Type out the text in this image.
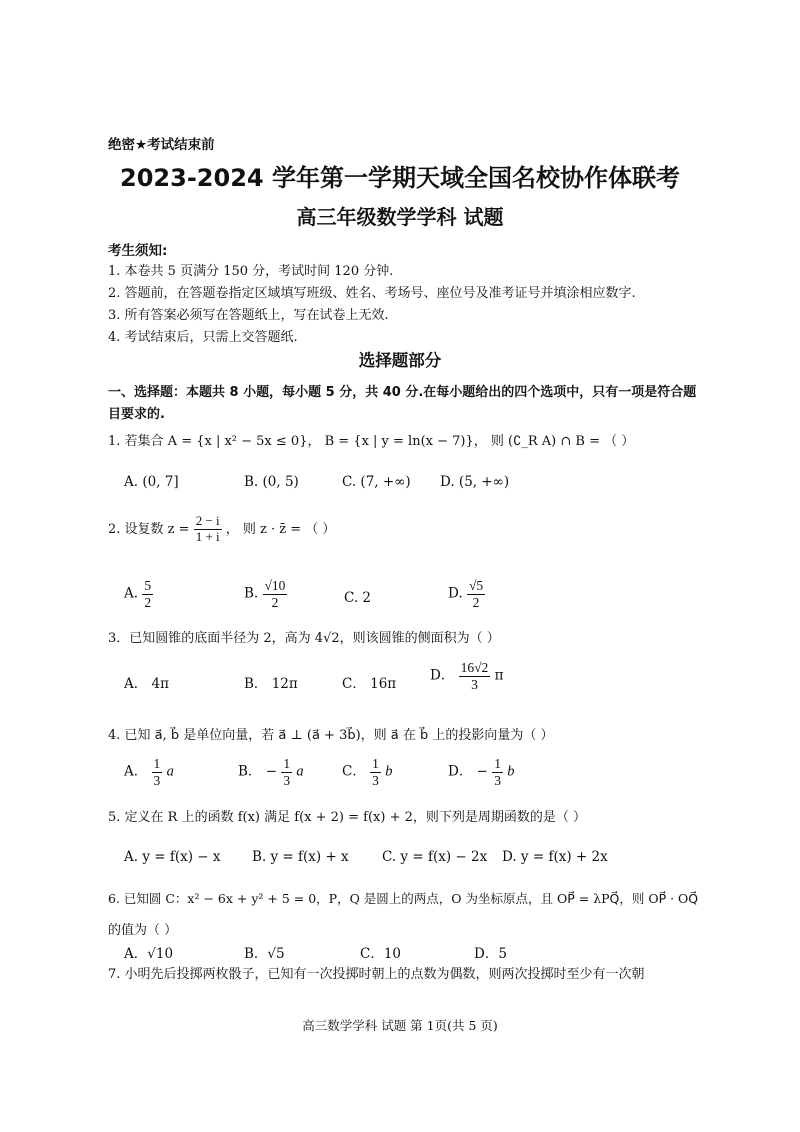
绝密★考试结束前
2023-2024 学年第一学期天域全国名校协作体联考
高三年级数学学科 试题
考生须知:
1. 本卷共 5 页满分 150 分，考试时间 120 分钟.
2. 答题前，在答题卷指定区域填写班级、姓名、考场号、座位号及准考证号并填涂相应数字.
3. 所有答案必须写在答题纸上，写在试卷上无效.
4. 考试结束后，只需上交答题纸.
选择题部分
一、选择题：本题共 8 小题，每小题 5 分，共 40 分.在每小题给出的四个选项中，只有一项是符合题目要求的.
1. 若集合 A = {x | x² − 5x ≤ 0}， B = {x | y = ln(x − 7)}， 则 (∁_R A) ∩ B = （ ）
A. (0, 7]	B. (0, 5)	C. (7, +∞) D. (5, +∞)
2. 设复数 $z = \frac{2 - i}{1 + i}$ ， 则 z · z̄ = （ ）
A. $\frac{5}{2}$	B. $\frac{√10}{2}$	C. 2	D. $\frac{√5}{2}$
3．已知圆锥的底面半径为 2，高为 4√2，则该圆锥的侧面积为（ ）
A． 4π	B． 12π	C． 16π
D． $\frac{16√2}{3}$ π
4. 已知 a⃗, b⃗ 是单位向量，若 a⃗ ⊥ (a⃗ + 3b⃗)，则 a⃗ 在 b⃗ 上的投影向量为（ ）
A． $\frac{1}{3}$ a⃗	B． − $\frac{1}{3}$ a⃗ C． $\frac{1}{3}$ b⃗	D． − $\frac{1}{3}$ b⃗
5. 定义在 R 上的函数 f(x) 满足 f(x + 2) = f(x) + 2，则下列是周期函数的是（ ）
A. y = f(x) − x B. y = f(x) + x C. y = f(x) − 2x D. y = f(x) + 2x
6. 已知圆 C：x² − 6x + y² + 5 = 0，P，Q 是圆上的两点，O 为坐标原点，且 OP⃗ = λPQ⃗，则 OP⃗ · OQ⃗
的值为（ ）
A．√10	B．√5	C．10	D．5
7. 小明先后投掷两枚骰子，已知有一次投掷时朝上的点数为偶数，则两次投掷时至少有一次朝
高三数学学科 试题 第 1页(共 5 页)
